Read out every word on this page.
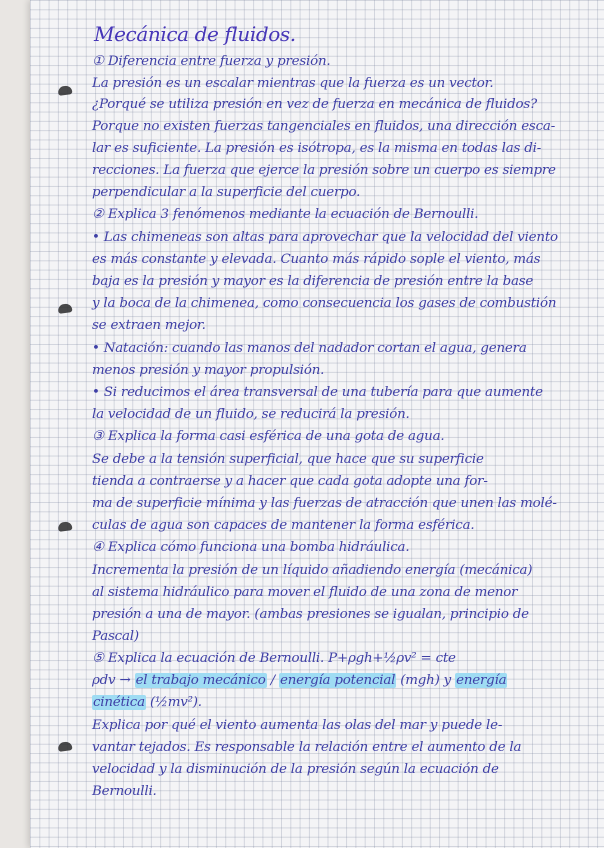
Mecánica de fluidos.
① Diferencia entre fuerza y presión.
La presión es un escalar mientras que la fuerza es un vector.
¿Porqué se utiliza presión en vez de fuerza en mecánica de fluidos?
Porque no existen fuerzas tangenciales en fluidos, una dirección esca-
lar es suficiente. La presión es isótropa, es la misma en todas las di-
recciones. La fuerza que ejerce la presión sobre un cuerpo es siempre
perpendicular a la superficie del cuerpo.
② Explica 3 fenómenos mediante la ecuación de Bernoulli.
• Las chimeneas son altas para aprovechar que la velocidad del viento
es más constante y elevada. Cuanto más rápido sople el viento, más
baja es la presión y mayor es la diferencia de presión entre la base
y la boca de la chimenea, como consecuencia los gases de combustión
se extraen mejor.
• Natación: cuando las manos del nadador cortan el agua, genera
menos presión y mayor propulsión.
• Si reducimos el área transversal de una tubería para que aumente
la velocidad de un fluido, se reducirá la presión.
③ Explica la forma casi esférica de una gota de agua.
Se debe a la tensión superficial, que hace que su superficie
tienda a contraerse y a hacer que cada gota adopte una for-
ma de superficie mínima y las fuerzas de atracción que unen las molé-
culas de agua son capaces de mantener la forma esférica.
④ Explica cómo funciona una bomba hidráulica.
Incrementa la presión de un líquido añadiendo energía (mecánica)
al sistema hidráulico para mover el fluido de una zona de menor
presión a una de mayor. (ambas presiones se igualan, principio de
Pascal)
⑤ Explica la ecuación de Bernoulli. P+ρgh+½ρv² = cte
ρdv → el trabajo mecánico / energía potencial (mgh) y energía
cinética (½mv²).
Explica por qué el viento aumenta las olas del mar y puede le-
vantar tejados. Es responsable la relación entre el aumento de la
velocidad y la disminución de la presión según la ecuación de
Bernoulli.
